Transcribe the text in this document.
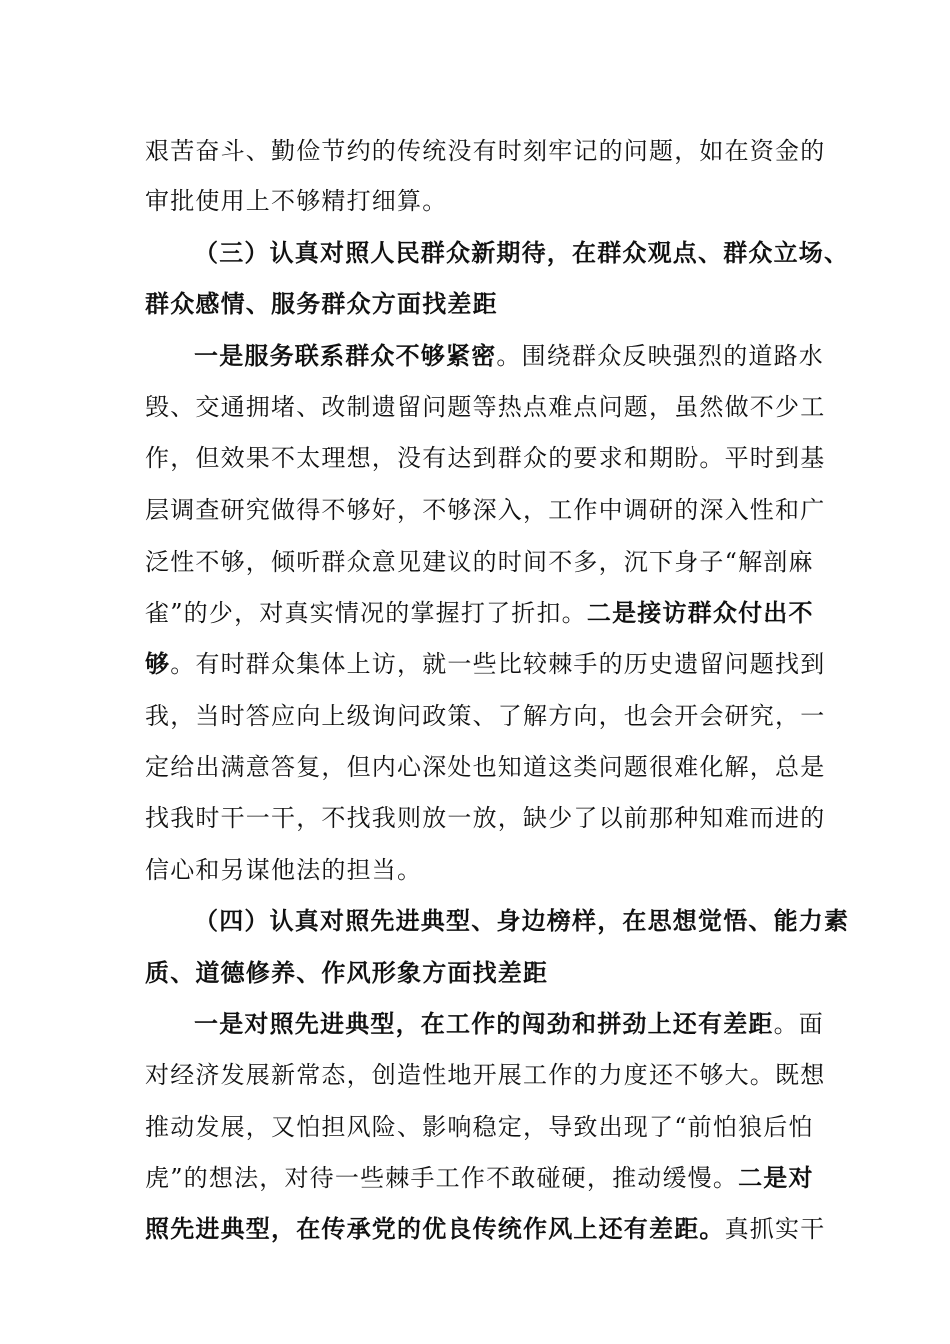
艰苦奋斗、勤俭节约的传统没有时刻牢记的问题，如在资金的
审批使用上不够精打细算。
（三）认真对照人民群众新期待，在群众观点、群众立场、
群众感情、服务群众方面找差距
一是服务联系群众不够紧密。围绕群众反映强烈的道路水
毁、交通拥堵、改制遗留问题等热点难点问题，虽然做不少工
作，但效果不太理想，没有达到群众的要求和期盼。平时到基
层调查研究做得不够好，不够深入，工作中调研的深入性和广
泛性不够，倾听群众意见建议的时间不多，沉下身子“解剖麻
雀”的少，对真实情况的掌握打了折扣。二是接访群众付出不
够。有时群众集体上访，就一些比较棘手的历史遗留问题找到
我，当时答应向上级询问政策、了解方向，也会开会研究，一
定给出满意答复，但内心深处也知道这类问题很难化解，总是
找我时干一干，不找我则放一放，缺少了以前那种知难而进的
信心和另谋他法的担当。
（四）认真对照先进典型、身边榜样，在思想觉悟、能力素
质、道德修养、作风形象方面找差距
一是对照先进典型，在工作的闯劲和拼劲上还有差距。面
对经济发展新常态，创造性地开展工作的力度还不够大。既想
推动发展，又怕担风险、影响稳定，导致出现了“前怕狼后怕
虎”的想法，对待一些棘手工作不敢碰硬，推动缓慢。二是对
照先进典型，在传承党的优良传统作风上还有差距。真抓实干
